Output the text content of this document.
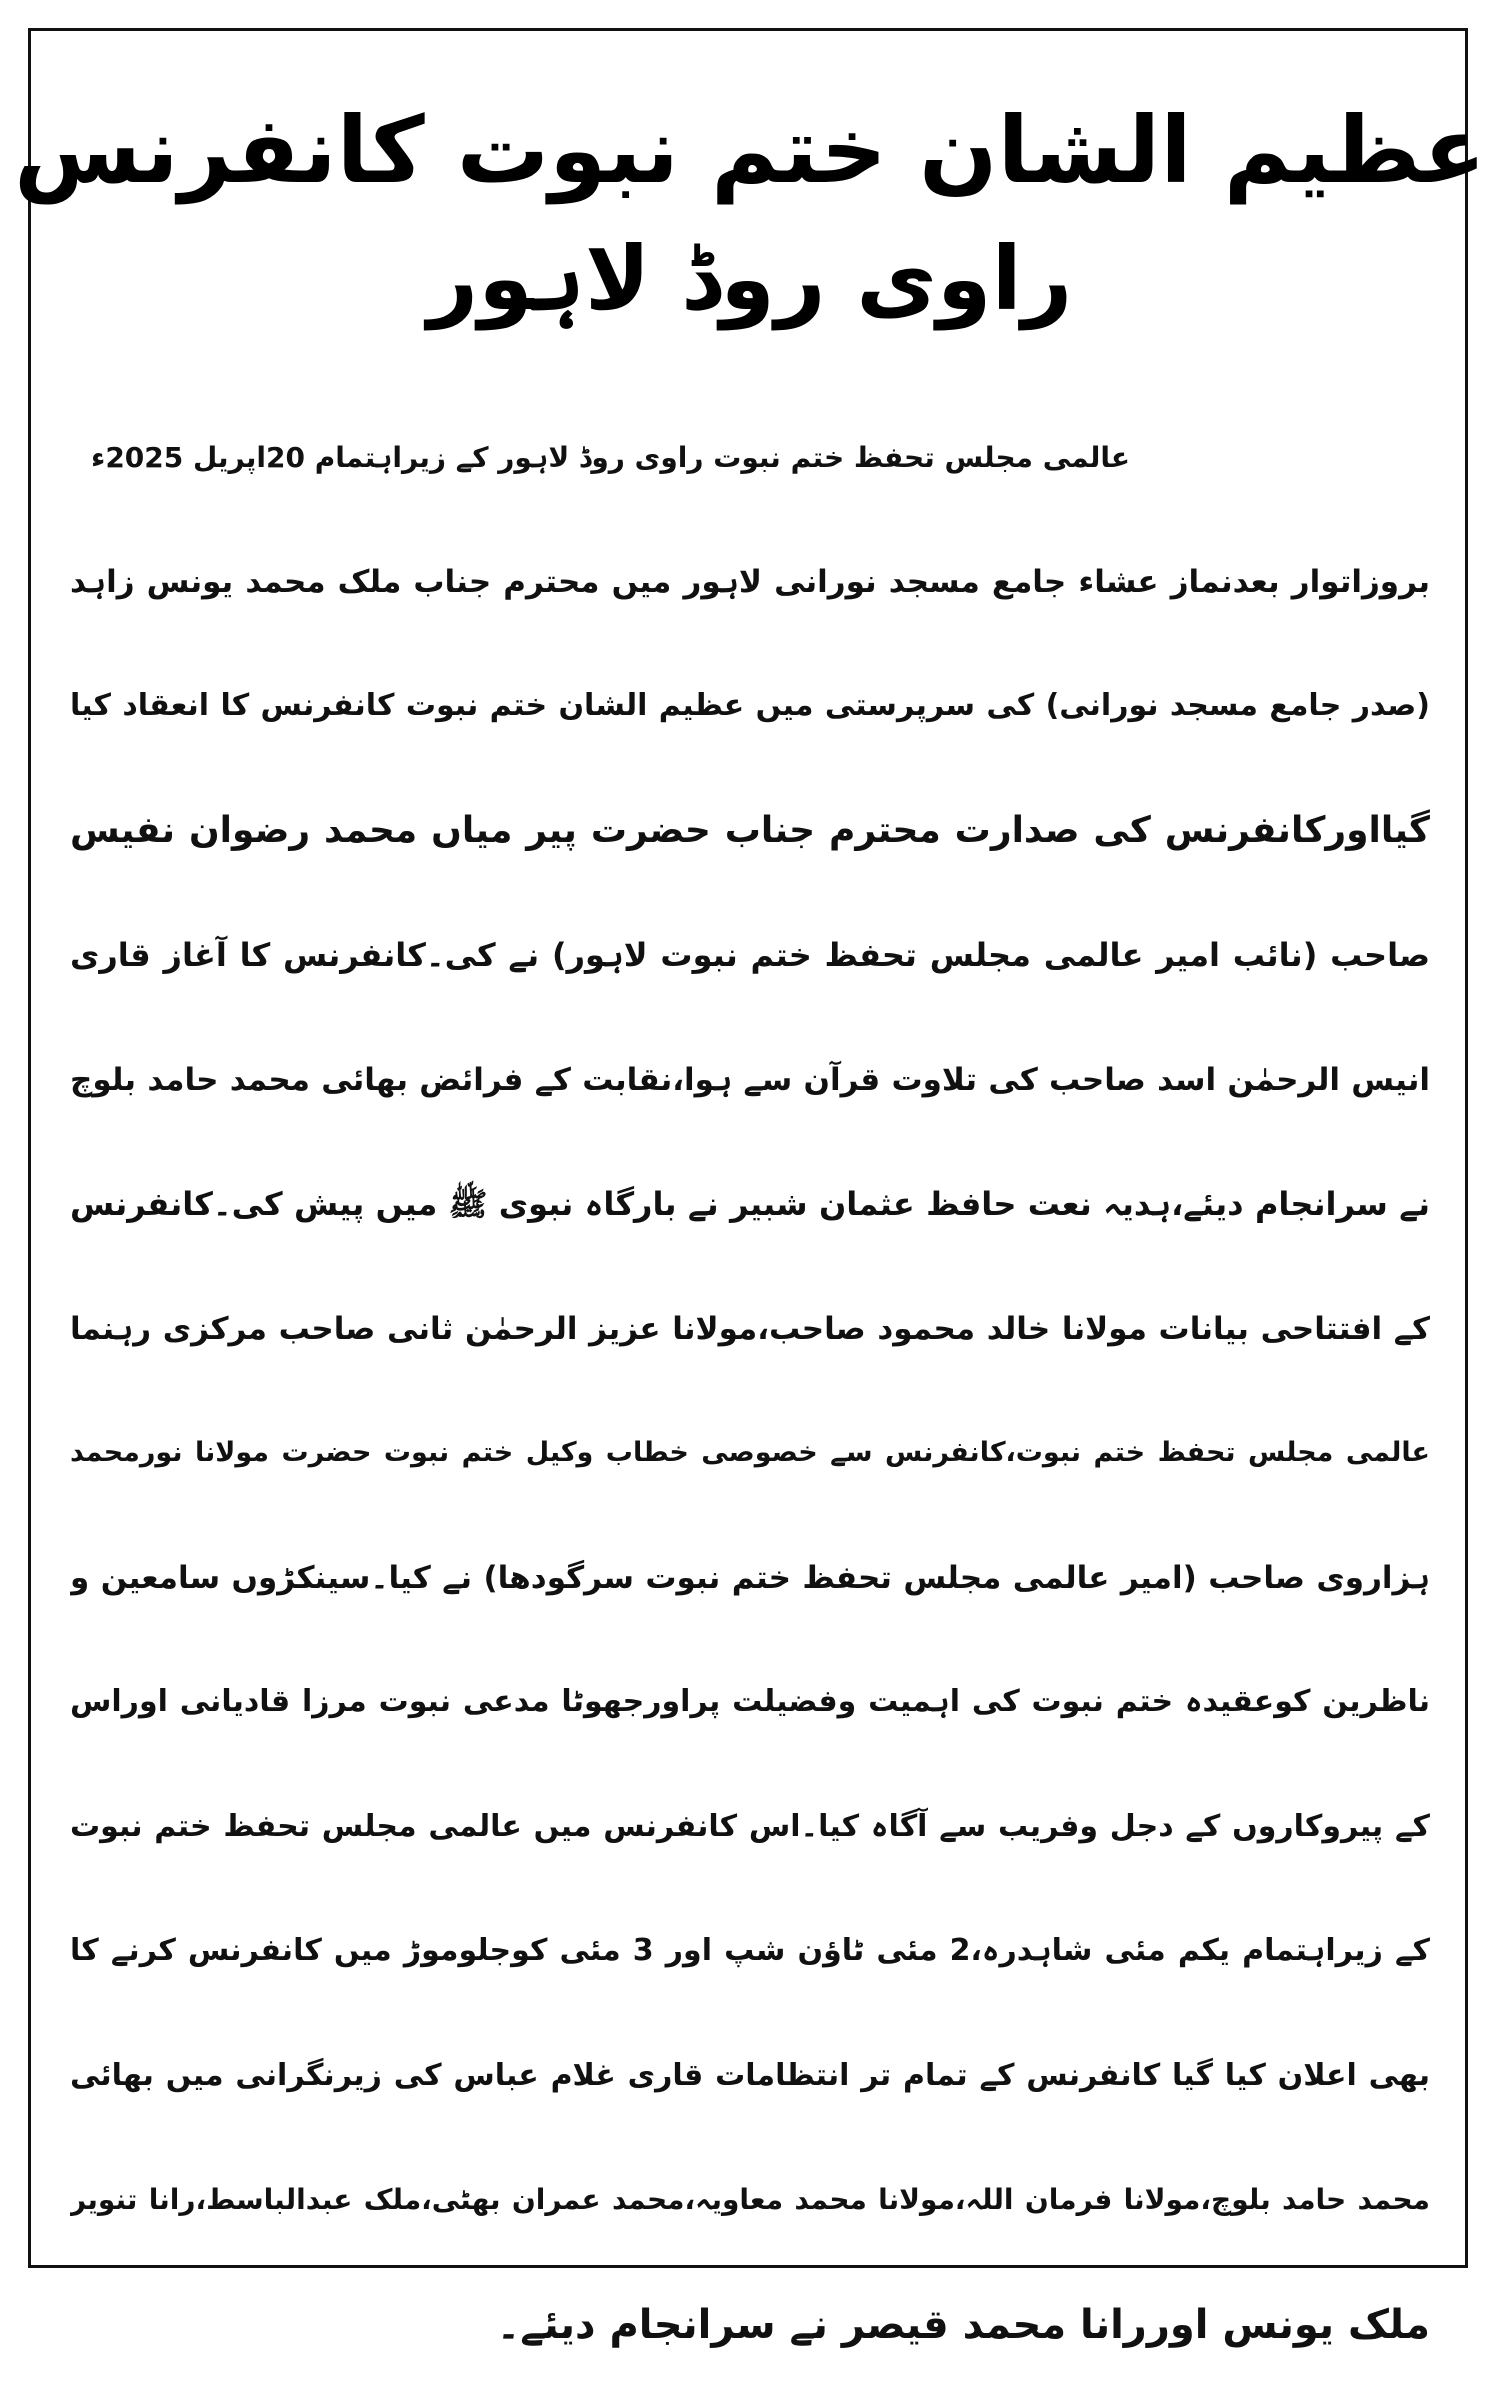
عظیم الشان ختم نبوت کانفرنس
راوی روڈ لاہور
عالمی مجلس تحفظ ختم نبوت راوی روڈ لاہور کے زیراہتمام 20اپریل 2025ء
بروزاتوار بعدنماز عشاء جامع مسجد نورانی لاہور میں محترم جناب ملک محمد یونس زاہد
(صدر جامع مسجد نورانی) کی سرپرستی میں عظیم الشان ختم نبوت کانفرنس کا انعقاد کیا
گیااورکانفرنس کی صدارت محترم جناب حضرت پیر میاں محمد رضوان نفیس
صاحب (نائب امیر عالمی مجلس تحفظ ختم نبوت لاہور) نے کی۔کانفرنس کا آغاز قاری
انیس الرحمٰن اسد صاحب کی تلاوت قرآن سے ہوا،نقابت کے فرائض بھائی محمد حامد بلوچ
نے سرانجام دیئے،ہدیہ نعت حافظ عثمان شبیر نے بارگاہ نبوی ﷺ میں پیش کی۔کانفرنس
کے افتتاحی بیانات مولانا خالد محمود صاحب،مولانا عزیز الرحمٰن ثانی صاحب مرکزی رہنما
عالمی مجلس تحفظ ختم نبوت،کانفرنس سے خصوصی خطاب وکیل ختم نبوت حضرت مولانا نورمحمد
ہزاروی صاحب (امیر عالمی مجلس تحفظ ختم نبوت سرگودھا) نے کیا۔سینکڑوں سامعین و
ناظرین کوعقیدہ ختم نبوت کی اہمیت وفضیلت پراورجھوٹا مدعی نبوت مرزا قادیانی اوراس
کے پیروکاروں کے دجل وفریب سے آگاہ کیا۔اس کانفرنس میں عالمی مجلس تحفظ ختم نبوت
کے زیراہتمام یکم مئی شاہدرہ،2 مئی ٹاؤن شپ اور 3 مئی کوجلوموڑ میں کانفرنس کرنے کا
بھی اعلان کیا گیا کانفرنس کے تمام تر انتظامات قاری غلام عباس کی زیرنگرانی میں بھائی
محمد حامد بلوچ،مولانا فرمان اللہ،مولانا محمد معاویہ،محمد عمران بھٹی،ملک عبدالباسط،رانا تنویر
ملک یونس اوررانا محمد قیصر نے سرانجام دیئے۔
